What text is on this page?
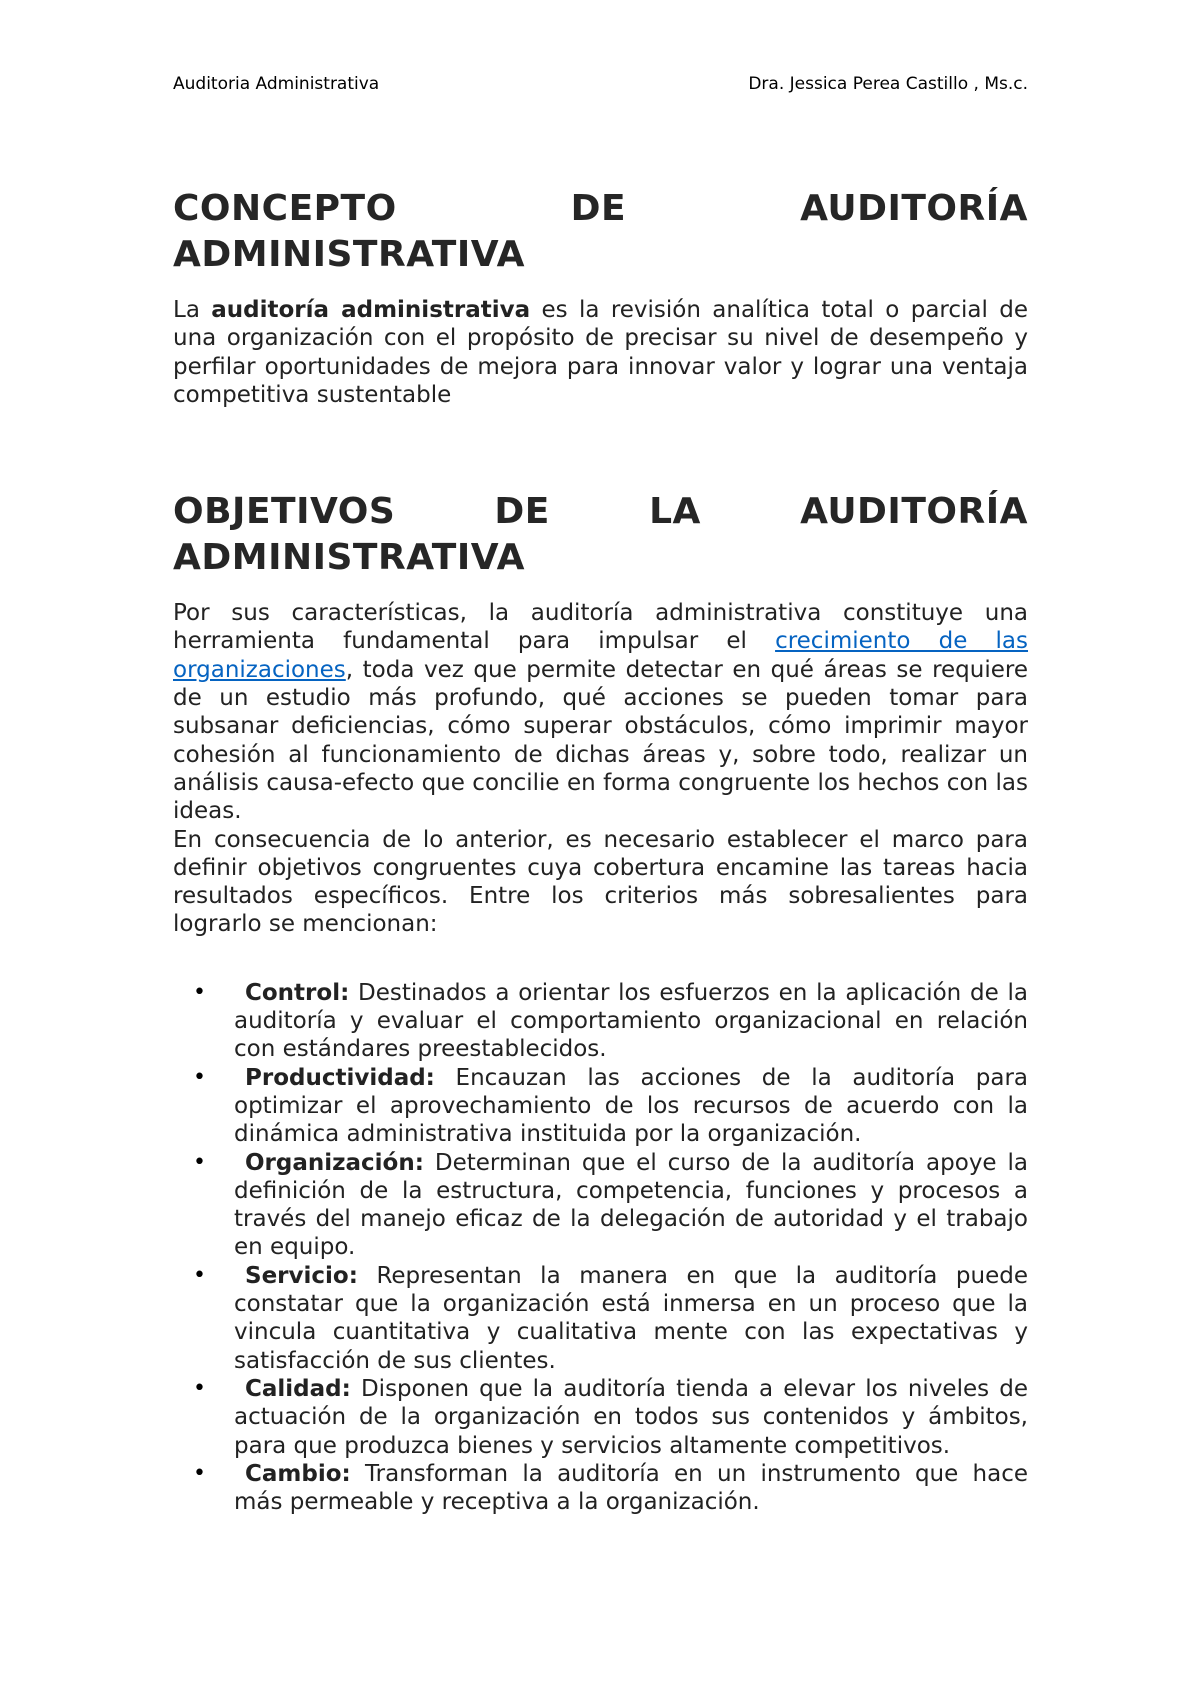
Auditoria Administrativa	Dra. Jessica Perea Castillo , Ms.c.
CONCEPTO	DE	AUDITORÍA
ADMINISTRATIVA

La auditoría administrativa es la revisión analítica total o parcial de una organización con el propósito de precisar su nivel de desempeño y perfilar oportunidades de mejora para innovar valor y lograr una ventaja competitiva sustentable

OBJETIVOS	DE	LA	AUDITORÍA
ADMINISTRATIVA

Por sus características, la auditoría administrativa constituye una herramienta fundamental para impulsar el crecimiento de las organizaciones, toda vez que permite detectar en qué áreas se requiere de un estudio más profundo, qué acciones se pueden tomar para subsanar deficiencias, cómo superar obstáculos, cómo imprimir mayor cohesión al funcionamiento de dichas áreas y, sobre todo, realizar un análisis causa-efecto que concilie en forma congruente los hechos con las ideas.

En consecuencia de lo anterior, es necesario establecer el marco para definir objetivos congruentes cuya cobertura encamine las tareas hacia resultados específicos. Entre los criterios más sobresalientes para lograrlo se mencionan:

• Control: Destinados a orientar los esfuerzos en la aplicación de la auditoría y evaluar el comportamiento organizacional en relación con estándares preestablecidos.
• Productividad: Encauzan las acciones de la auditoría para optimizar el aprovechamiento de los recursos de acuerdo con la dinámica administrativa instituida por la organización.
• Organización: Determinan que el curso de la auditoría apoye la definición de la estructura, competencia, funciones y procesos a través del manejo eficaz de la delegación de autoridad y el trabajo en equipo.
• Servicio: Representan la manera en que la auditoría puede constatar que la organización está inmersa en un proceso que la vincula cuantitativa y cualitativa mente con las expectativas y satisfacción de sus clientes.
• Calidad: Disponen que la auditoría tienda a elevar los niveles de actuación de la organización en todos sus contenidos y ámbitos, para que produzca bienes y servicios altamente competitivos.
• Cambio: Transforman la auditoría en un instrumento que hace más permeable y receptiva a la organización.
